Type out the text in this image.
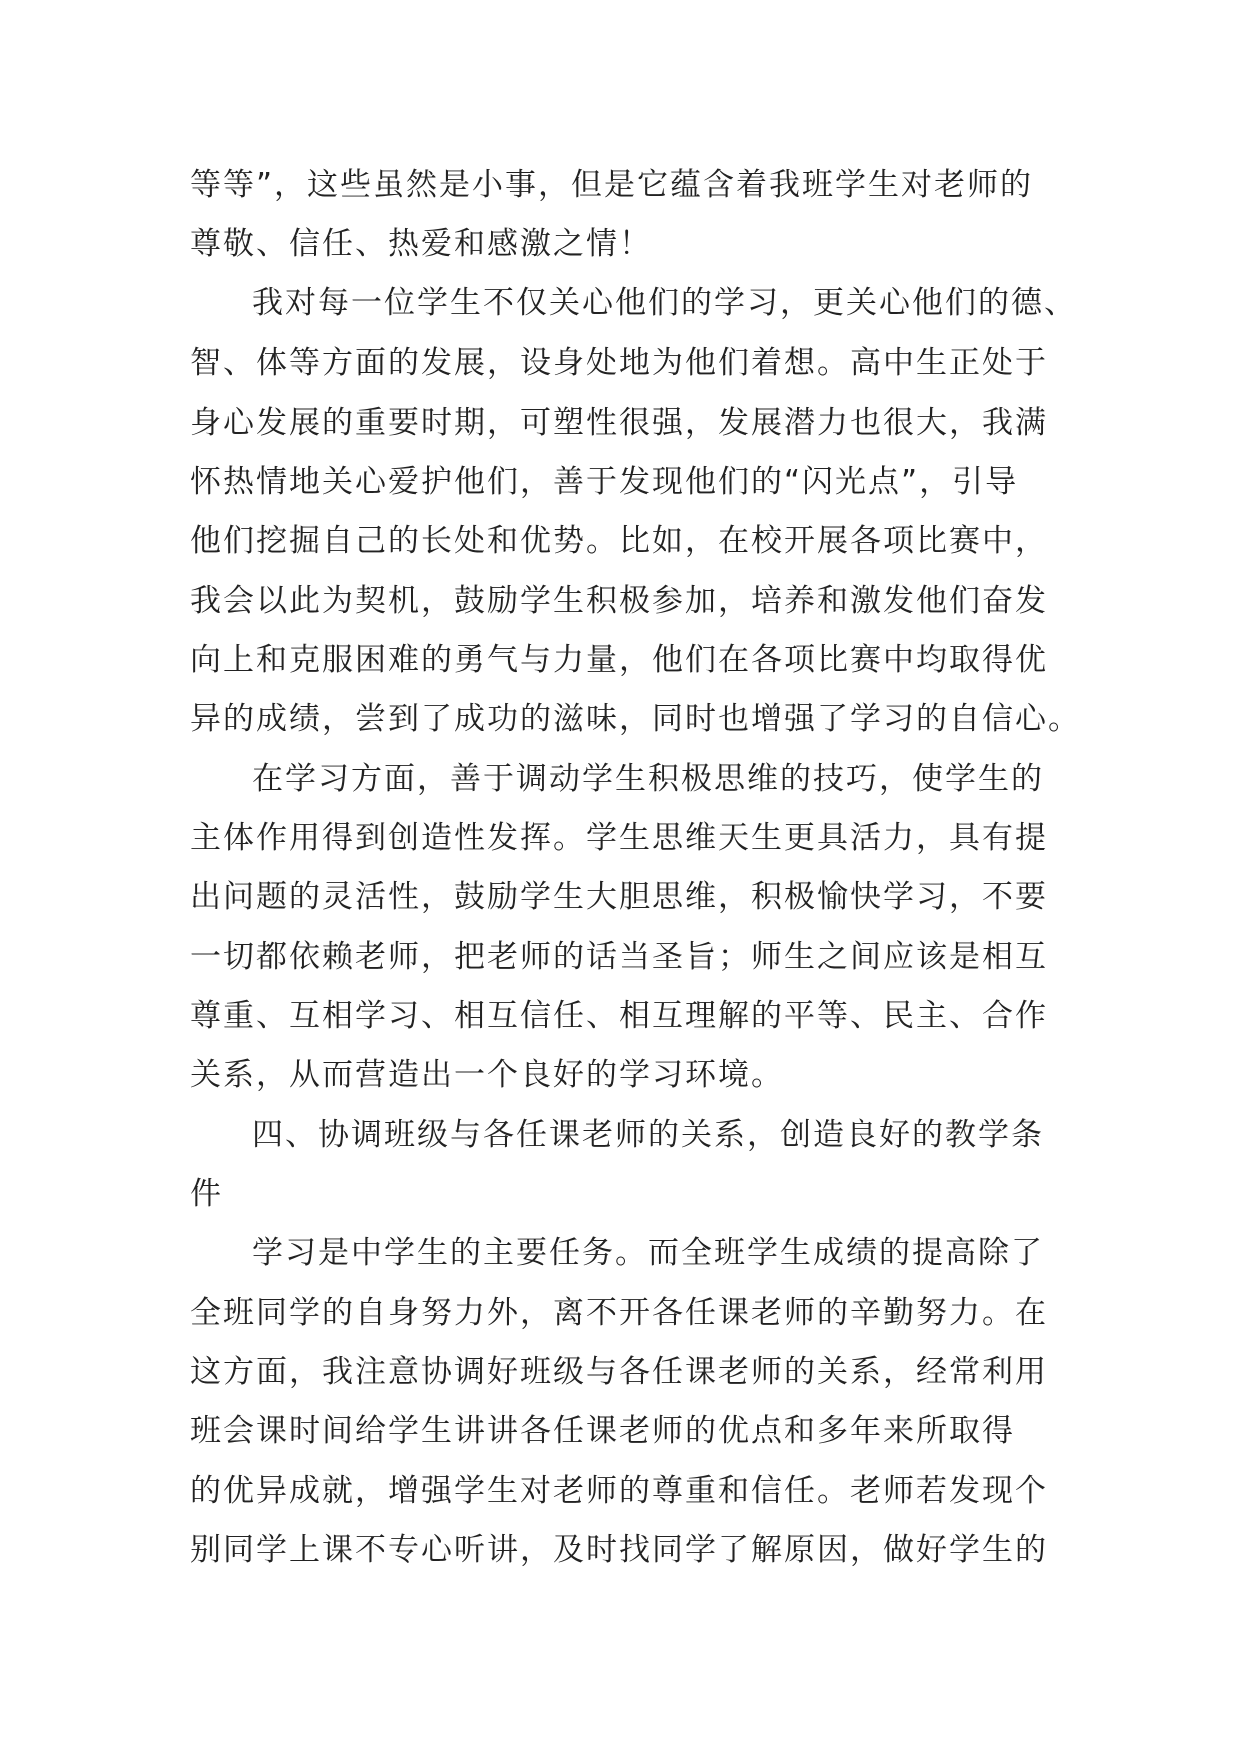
等等”，这些虽然是小事，但是它蕴含着我班学生对老师的
尊敬、信任、热爱和感激之情！
我对每一位学生不仅关心他们的学习，更关心他们的德、
智、体等方面的发展，设身处地为他们着想。高中生正处于
身心发展的重要时期，可塑性很强，发展潜力也很大，我满
怀热情地关心爱护他们，善于发现他们的“闪光点”，引导
他们挖掘自己的长处和优势。比如，在校开展各项比赛中，
我会以此为契机，鼓励学生积极参加，培养和激发他们奋发
向上和克服困难的勇气与力量，他们在各项比赛中均取得优
异的成绩，尝到了成功的滋味，同时也增强了学习的自信心。
在学习方面，善于调动学生积极思维的技巧，使学生的
主体作用得到创造性发挥。学生思维天生更具活力，具有提
出问题的灵活性，鼓励学生大胆思维，积极愉快学习，不要
一切都依赖老师，把老师的话当圣旨；师生之间应该是相互
尊重、互相学习、相互信任、相互理解的平等、民主、合作
关系，从而营造出一个良好的学习环境。
四、协调班级与各任课老师的关系，创造良好的教学条
件
学习是中学生的主要任务。而全班学生成绩的提高除了
全班同学的自身努力外，离不开各任课老师的辛勤努力。在
这方面，我注意协调好班级与各任课老师的关系，经常利用
班会课时间给学生讲讲各任课老师的优点和多年来所取得
的优异成就，增强学生对老师的尊重和信任。老师若发现个
别同学上课不专心听讲，及时找同学了解原因，做好学生的
